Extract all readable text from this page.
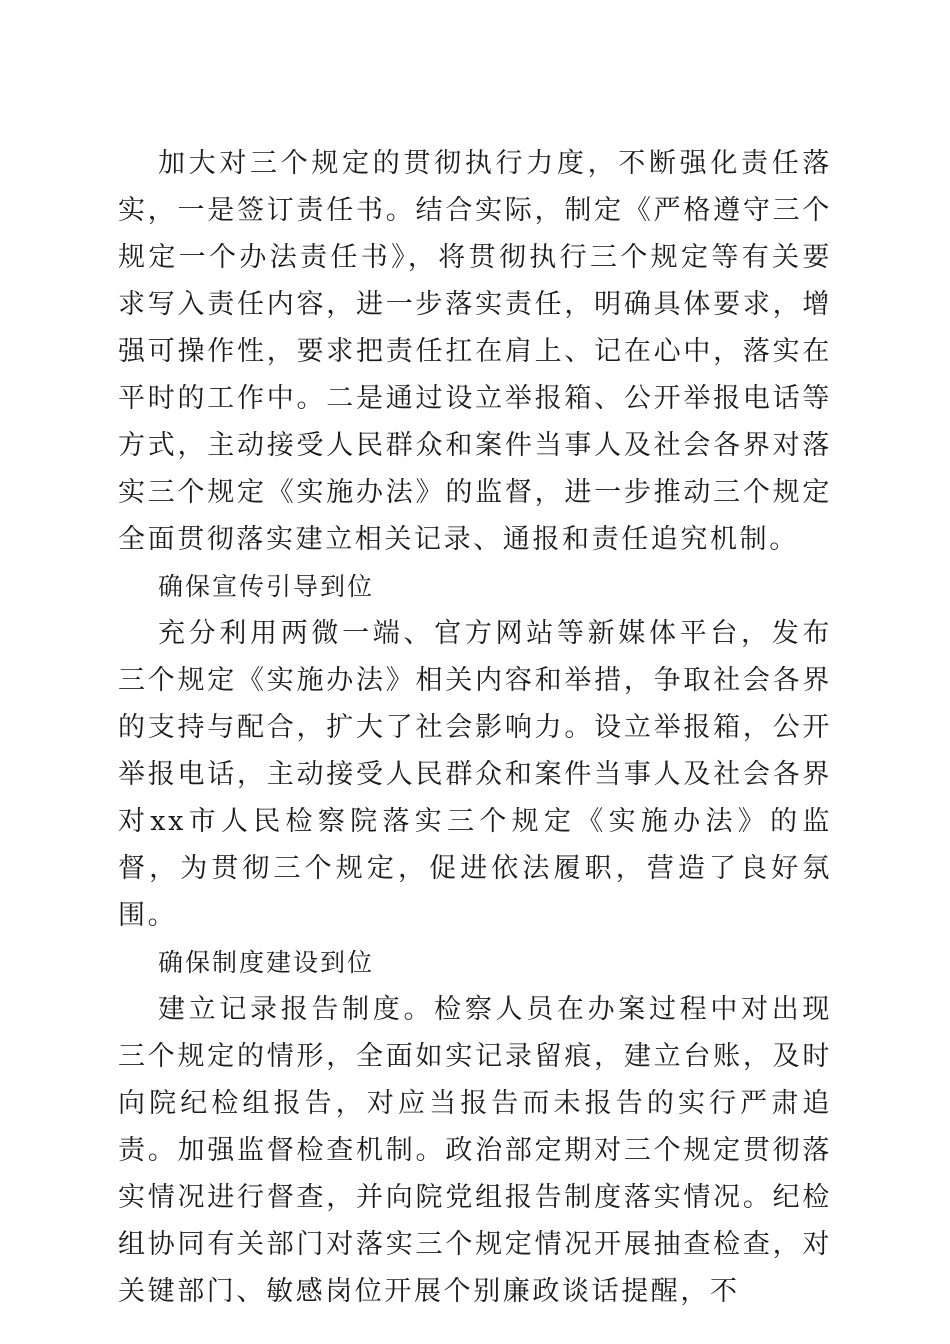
加大对三个规定的贯彻执行力度，不断强化责任落实，一是签订责任书。结合实际，制定《严格遵守三个规定一个办法责任书》，将贯彻执行三个规定等有关要求写入责任内容，进一步落实责任，明确具体要求，增强可操作性，要求把责任扛在肩上、记在心中，落实在平时的工作中。二是通过设立举报箱、公开举报电话等方式，主动接受人民群众和案件当事人及社会各界对落实三个规定《实施办法》的监督，进一步推动三个规定全面贯彻落实建立相关记录、通报和责任追究机制。

确保宣传引导到位

充分利用两微一端、官方网站等新媒体平台，发布三个规定《实施办法》相关内容和举措，争取社会各界的支持与配合，扩大了社会影响力。设立举报箱，公开举报电话，主动接受人民群众和案件当事人及社会各界对xx市人民检察院落实三个规定《实施办法》的监督，为贯彻三个规定，促进依法履职，营造了良好氛围。

确保制度建设到位

建立记录报告制度。检察人员在办案过程中对出现三个规定的情形，全面如实记录留痕，建立台账，及时向院纪检组报告，对应当报告而未报告的实行严肃追责。加强监督检查机制。政治部定期对三个规定贯彻落实情况进行督查，并向院党组报告制度落实情况。纪检组协同有关部门对落实三个规定情况开展抽查检查，对关键部门、敏感岗位开展个别廉政谈话提醒，不
